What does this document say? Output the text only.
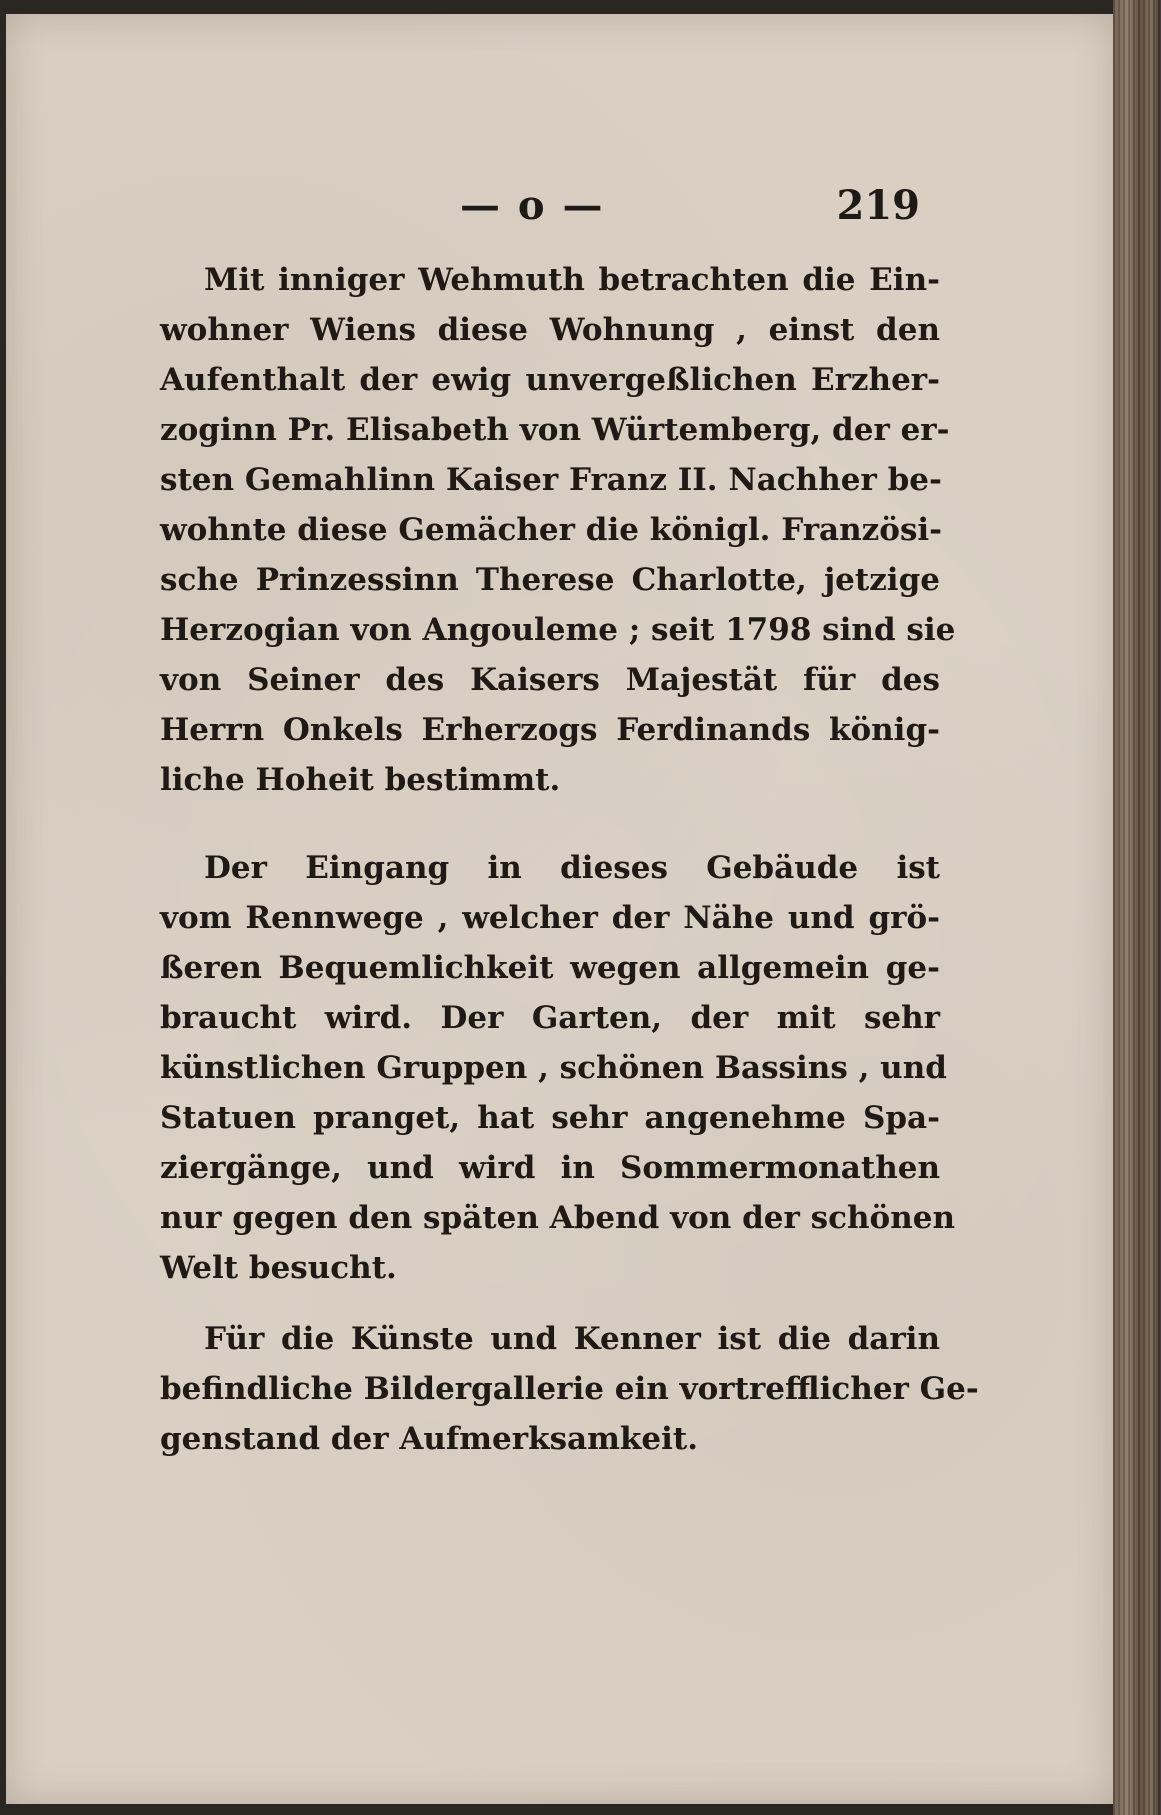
— o —	219
Mit inniger Wehmuth betrachten die Ein-
wohner Wiens diese Wohnung , einst den
Aufenthalt der ewig unvergeßlichen Erzher-
zoginn Pr. Elisabeth von Würtemberg, der er-
sten Gemahlinn Kaiser Franz II. Nachher be-
wohnte diese Gemächer die königl. Französi-
sche Prinzessinn Therese Charlotte, jetzige
Herzogian von Angouleme ; seit 1798 sind sie
von Seiner des Kaisers Majestät für des
Herrn Onkels Erherzogs Ferdinands könig-
liche Hoheit bestimmt.
Der Eingang in dieses Gebäude ist
vom Rennwege , welcher der Nähe und grö-
ßeren Bequemlichkeit wegen allgemein ge-
braucht wird. Der Garten, der mit sehr
künstlichen Gruppen , schönen Bassins , und
Statuen pranget, hat sehr angenehme Spa-
ziergänge, und wird in Sommermonathen
nur gegen den späten Abend von der schönen
Welt besucht.
Für die Künste und Kenner ist die darin
befindliche Bildergallerie ein vortrefflicher Ge-
genstand der Aufmerksamkeit.
